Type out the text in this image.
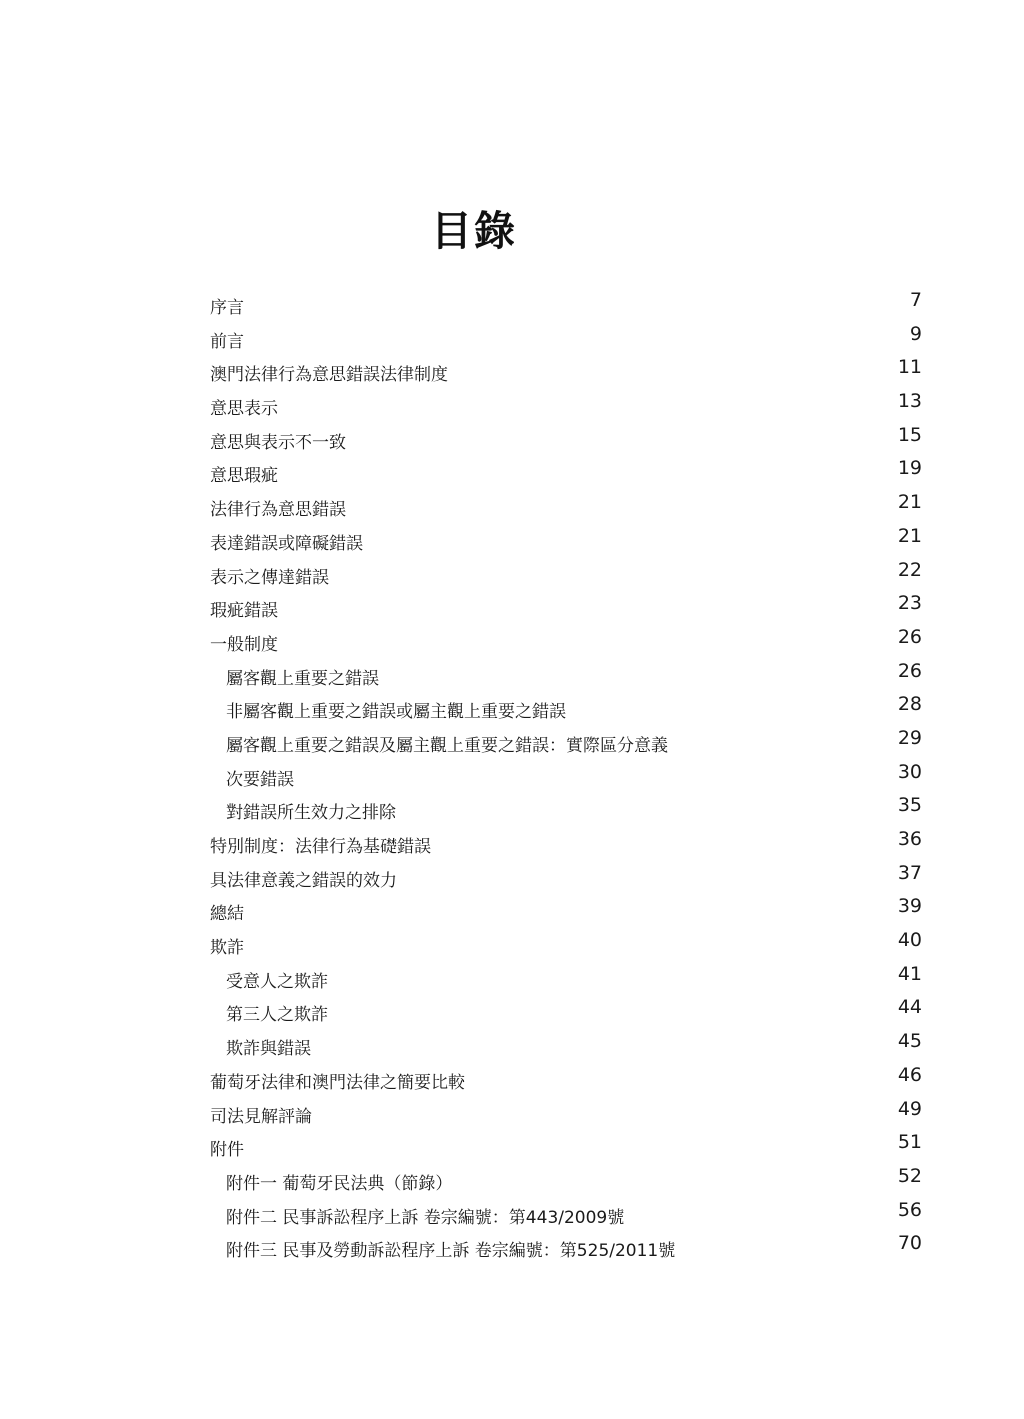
目錄
序言	7
前言	9
澳門法律行為意思錯誤法律制度	11
意思表示	13
意思與表示不一致	15
意思瑕疵	19
法律行為意思錯誤	21
表達錯誤或障礙錯誤	21
表示之傳達錯誤	22
瑕疵錯誤	23
一般制度	26
屬客觀上重要之錯誤	26
非屬客觀上重要之錯誤或屬主觀上重要之錯誤	28
屬客觀上重要之錯誤及屬主觀上重要之錯誤：實際區分意義	29
次要錯誤	30
對錯誤所生效力之排除	35
特別制度：法律行為基礎錯誤	36
具法律意義之錯誤的效力	37
總結	39
欺詐	40
受意人之欺詐	41
第三人之欺詐	44
欺詐與錯誤	45
葡萄牙法律和澳門法律之簡要比較	46
司法見解評論	49
附件	51
附件一 葡萄牙民法典（節錄）	52
附件二 民事訴訟程序上訴 卷宗編號：第443/2009號	56
附件三 民事及勞動訴訟程序上訴 卷宗編號：第525/2011號	70
